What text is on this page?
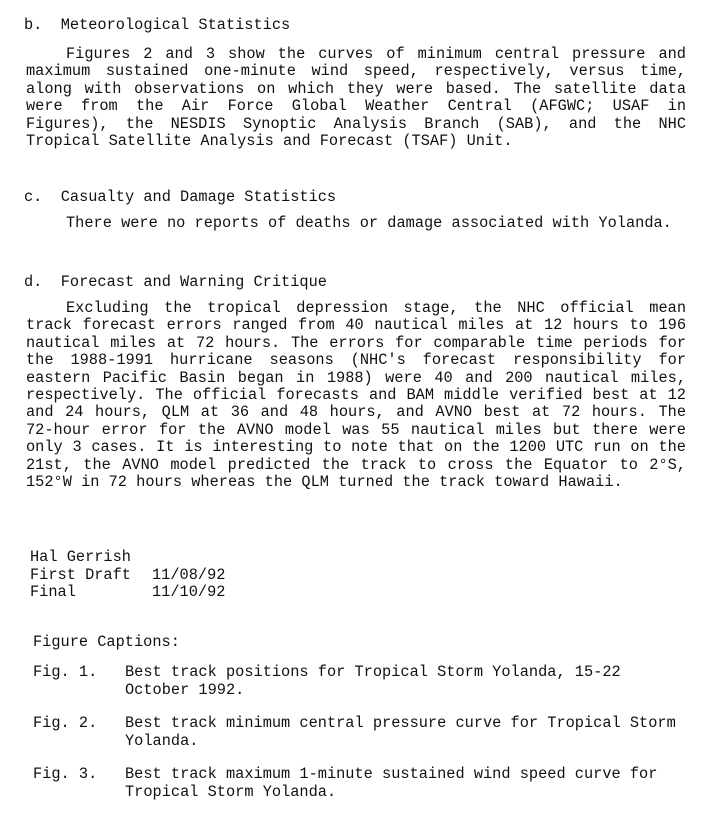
b.  Meteorological Statistics

Figures 2 and 3 show the curves of minimum central pressure and maximum sustained one-minute wind speed, respectively, versus time, along with observations on which they were based. The satellite data were from the Air Force Global Weather Central (AFGWC; USAF in Figures), the NESDIS Synoptic Analysis Branch (SAB), and the NHC Tropical Satellite Analysis and Forecast (TSAF) Unit.

c.  Casualty and Damage Statistics

There were no reports of deaths or damage associated with Yolanda.

d.  Forecast and Warning Critique

Excluding the tropical depression stage, the NHC official mean track forecast errors ranged from 40 nautical miles at 12 hours to 196 nautical miles at 72 hours. The errors for comparable time periods for the 1988-1991 hurricane seasons (NHC's forecast responsibility for eastern Pacific Basin began in 1988) were 40 and 200 nautical miles, respectively. The official forecasts and BAM middle verified best at 12 and 24 hours, QLM at 36 and 48 hours, and AVNO best at 72 hours. The 72-hour error for the AVNO model was 55 nautical miles but there were only 3 cases. It is interesting to note that on the 1200 UTC run on the 21st, the AVNO model predicted the track to cross the Equator to 2°S, 152°W in 72 hours whereas the QLM turned the track toward Hawaii.

Hal Gerrish
First Draft	11/08/92
Final	11/10/92
Figure Captions:
Fig. 1.	Best track positions for Tropical Storm Yolanda, 15-22 October 1992.
Fig. 2.	Best track minimum central pressure curve for Tropical Storm Yolanda.
Fig. 3.	Best track maximum 1-minute sustained wind speed curve for Tropical Storm Yolanda.
